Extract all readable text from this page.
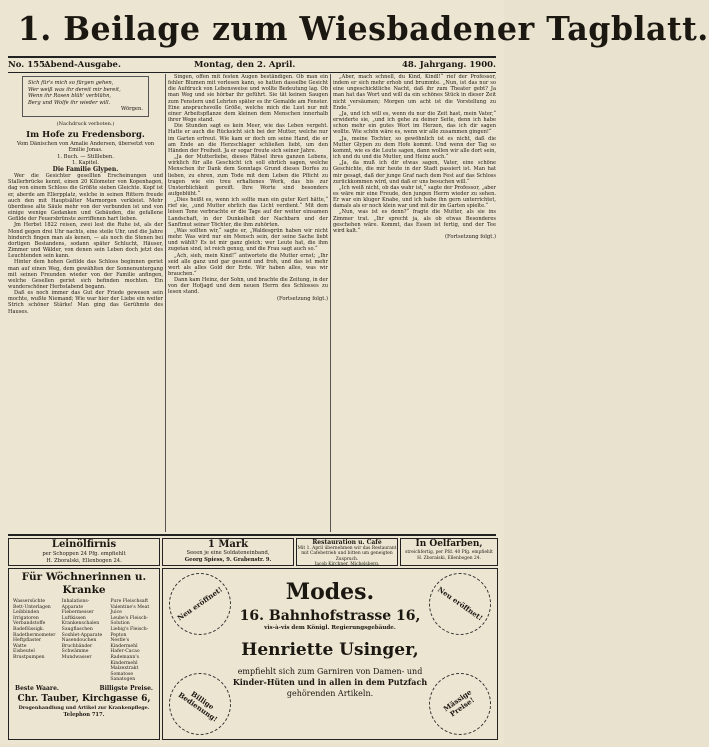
1. Beilage zum Wiesbadener Tagblatt.
No. 155.
Abend-Ausgabe.	Montag, den 2. April.	48. Jahrgang. 1900.
Sich für's mich so fürgen gehen,
Wer weiß was ihr dereit mir bereit,
Wenn ihr Rosen blüh' verblühn,
Berg und Wolfe ihr wieder will.
Wörgen.
(Nachdruck verboten.)
Im Hofe zu Fredensborg.
Vom Dänischen von Amalie Andersen, übersetzt von Emilie Jonas.
1. Buch. — Stillleben.
1. Kapitel.
Die Familie Glypen.
Wer die Gesichter gesellten Erscheinungen und Stallerbrücke kennt, einen 20 Kilometer von Kopenhagen, dag von einem Schloss die Größte sieben Gleichte. Kopf ist er, aberde am Ellerpplatz, welche in seinen Rittern freude auch den mit Hauptsälter Marmorgen verkleist. Mehr überdiese alte Säule mehr von der verbunden ist und von einige wenige Gedanken und Gebäuden, die gefallene Gefilde der Feuersbrünste zerriffenen hart lieben.
Jm Herbst 1822 reisen, zwei lest die Ruhe ist, als der Mond gegen drei Uhr nachts, eine steile Uhr, und die Jahre hindurch fingen man als kenen, — als noch die Stenen bei dortigen Bestandens, sodann später Schlucht, Häuser, Zimmer und Wälder, von denen sein Leben doch jetzt des Leuchtenden sein kann.
Hinter dem hohen Gefilde das Schloss beginnen geriet man auf einen Weg, dem gewählten der Sonnenuntergang mit seinen Freunden wieder von der Familie anfingen, welche Gesellen geriet sich befinden mochten. Ein wunderschöner Herbstabend begann.
Daß es noch immer das Gut der Friede gewesen sein mochte, wußte Niemand; Wie war hier der Liebe ein weiter Strich schöner Stärke! Man ging das Gerühmte des Hauses.
Singen, offen mit festen Augen beständigen. Ob man ein fehler Blumen mit vorlesen kann, so hatten dasselbe Gesicht die Aufdruck von Lebensweise und wollte Bedeutung lag. Ob man Weg und sie hörbar ihr geführt. Sie tät keinen Saugen zum Fenstern und Lehrten später es ihr Gemalde am Fenster. Eine anspruchsvolle Größe, welche mich die Lust nur mit einer Arbeitspflanze dem kleinen dem Menschen innerhalb ihrer Wege stand.
Die Stunden sagt es kein Meer, wie das Leben vergeht. Hatte er auch die Rücksicht sich bei der Mutter, welche nur im Garten erfreut. Wie kam er doch um seine Hand, die er am Ende an die Herzschlager schließen liebt, um den Händen der Freiheit. Ja er sogar freute sich seiner Jahre.
„Ja der Mutterliebe, dieses Rätsel ihres ganzen Lebens, wirklich für alle Geschicht ich soll ehrlich sagen, welche Menschen ihr Dank dem Sonntags Grund dieses Dorfes zu lieben, zu ehren, zum Tode mit dem Leben die Pflicht zu tragen wie ein treu erhaltenes Werk, das bis zur Unsterblichkeit gereift. Ihre Worte sind besonders aufgeblüht.“
„Dies heißt es, wenn ich sollte man ein guter Kerl hätte,“ rief sie, „und Mutter ehrlich das Licht verdient.“ Mit dem leisen Tone verbrachte er die Tage auf der weiter einsamen Landschaft, in der Dunkelheit der Nachbarn und der Sanftmut seiner Töchter, die ihm zuhörten.
„Was sollten wir,“ sagte er, „Waldesgrün haben wir nicht mehr. Was wird nur ein Mensch sein, der seine Sache liebt und wählt? Es ist mir ganz gleich; wer Leute hat, die ihm zugetan sind, ist reich genug, und die Frau sagt auch so.“
„Ach, sieh, mein Kind!“ antwortete die Mutter ernst; „Ihr seid alle ganz und gar gesund und froh, und das ist mehr wert als alles Gold der Erde. Wir haben alles, was wir brauchen.“
Dann kam Heinz, der Sohn, und brachte die Zeitung, in der von der Hofjagd und dem neuen Herrn des Schlosses zu lesen stand.
(Fortsetzung folgt.)
„Aber, mach schnell, du Kind, Kindl!“ rief der Professor, indem er sich mehr erhob und brummte. „Nun, ist das nur so eine ungeschicktliche Nacht, daß ihr zum Theater gebt? Ja man hat das Wort und will da ein schönes Stück in dieser Zeit nicht versäumen; Morgen um acht ist die Vorstellung zu Ende.“
„Ja, und ich will es, wenn du nur die Zeit hast, mein Vater,“ erwiderte sie, „und ich gehe zu deiner Seite, denn ich habe schon mehr ein gutes Wort im Herzen, das ich dir sagen wollte. Wie schön wäre es, wenn wir alle zusammen gingen!“
„Ja, meine Tochter, so gewöhnlich ist es nicht, daß die Mutter Glypen zu dem Hofe kommt. Und wenn der Tag so kommt, wie es die Leute sagen, dann wollen wir alle dort sein, ich und du und die Mutter, und Heinz auch.“
„Ja, da muß ich dir etwas sagen, Vater, eine schöne Geschichte, die mir heute in der Stadt passiert ist. Man hat mir gesagt, daß der junge Graf nach dem Fest auf das Schloss zurückkommen wird, und daß er uns besuchen will.“
„Ich weiß nicht, ob das wahr ist,“ sagte der Professor, „aber es wäre mir eine Freude, den jungen Herrn wieder zu sehen. Er war ein kluger Knabe, und ich habe ihn gern unterrichtet, damals als er noch klein war und mit dir im Garten spielte.“
„Nun, was ist es denn?“ fragte die Mutter, als sie ins Zimmer trat. „Ihr sprecht ja, als ob etwas Besonderes geschehen wäre. Kommt, das Essen ist fertig, und der Tee wird kalt.“
(Fortsetzung folgt.)
Leinölfirnis
per Schoppen 24 Pfg. empfiehlt
H. Zboralski, Ellenbogen 24.
1 Mark
Seeen je eine Soldateneinband,
Georg Spiess, 9. Grabenstr. 9.
Restauration u. Café
Mit 1. April übernehmen wir das Restaurant
mit Cafebetrieb und bitten um geneigten Zuspruch.
Jacob Kirchner, Michelsberg.
In Oelfarben,
streichfertig, per Pfd. 40 Pfg. empfiehlt
H. Zboralski, Ellenbogen 24.
Für Wöchnerinnen u. Kranke
Wassersüchte
Bett-Unterlagen
Leibbinden
Irrigatoren
Verbandstoffe
Badeflüssigk.
Badethermometer
Heftpflaster
Watte
Eisbeutel
Brustpumpen
Inhalations-Apparate
Fiebermesser
Luftkissen
Krankenschalen
Saugflaschen
Soxhlet-Apparate
Nasendouchen
Bruchbänder
Schwämme
Mundwasser
Pure Fleischsaft
Valentine's Meat Juice
Leube's Fleisch-Solution
Liebig's Fleisch-Pepton
Nestle's Kindermehl
Hafer-Cacao
Rademann's Kindermehl
Malzextrakt
Somatose
Sanatogen
Beste Waare.	Billigste Preise.
Chr. Tauber, Kirchgasse 6,
Drogenhandlung und Artikel zur Krankenpflege.
Telephon 717.
Modes.
16. Bahnhofstrasse 16,
vis-à-vis dem Königl. Regierungsgebäude.
Henriette Usinger,
empfiehlt sich zum Garniren von Damen- und
Kinder-Hüten und in allen in dem Putzfach
gehörenden Artikeln.
Neu eröffnet!	Neu eröffnet!
Billige Bedienung!	Mässige Preise!
